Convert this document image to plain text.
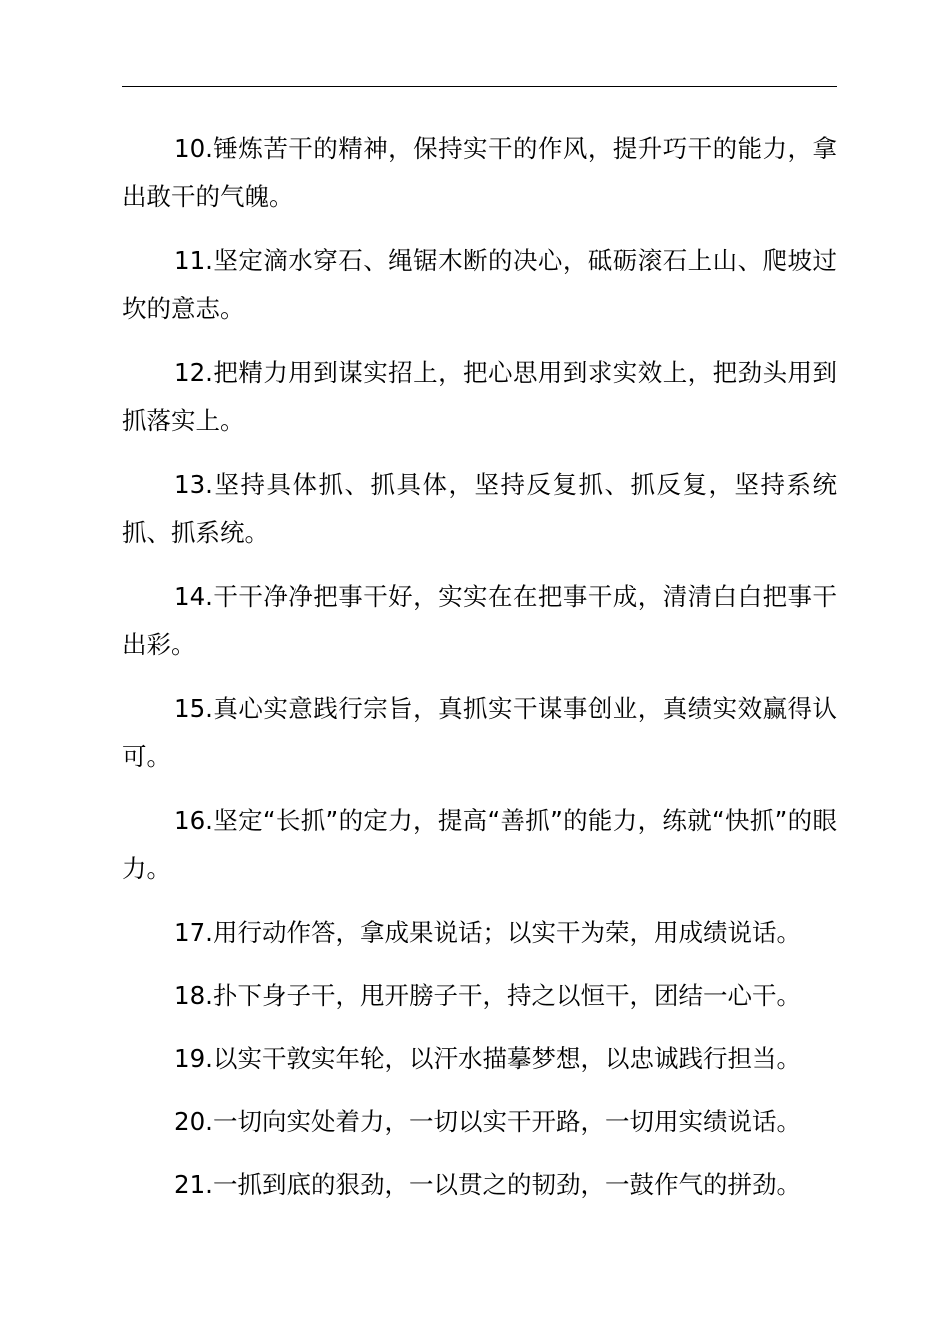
10.锤炼苦干的精神，保持实干的作风，提升巧干的能力，拿出敢干的气魄。

11.坚定滴水穿石、绳锯木断的决心，砥砺滚石上山、爬坡过坎的意志。

12.把精力用到谋实招上，把心思用到求实效上，把劲头用到抓落实上。

13.坚持具体抓、抓具体，坚持反复抓、抓反复，坚持系统抓、抓系统。

14.干干净净把事干好，实实在在把事干成，清清白白把事干出彩。

15.真心实意践行宗旨，真抓实干谋事创业，真绩实效赢得认可。

16.坚定“长抓”的定力，提高“善抓”的能力，练就“快抓”的眼力。

17.用行动作答，拿成果说话；以实干为荣，用成绩说话。

18.扑下身子干，甩开膀子干，持之以恒干，团结一心干。

19.以实干敦实年轮，以汗水描摹梦想，以忠诚践行担当。

20.一切向实处着力，一切以实干开路，一切用实绩说话。

21.一抓到底的狠劲，一以贯之的韧劲，一鼓作气的拼劲。
